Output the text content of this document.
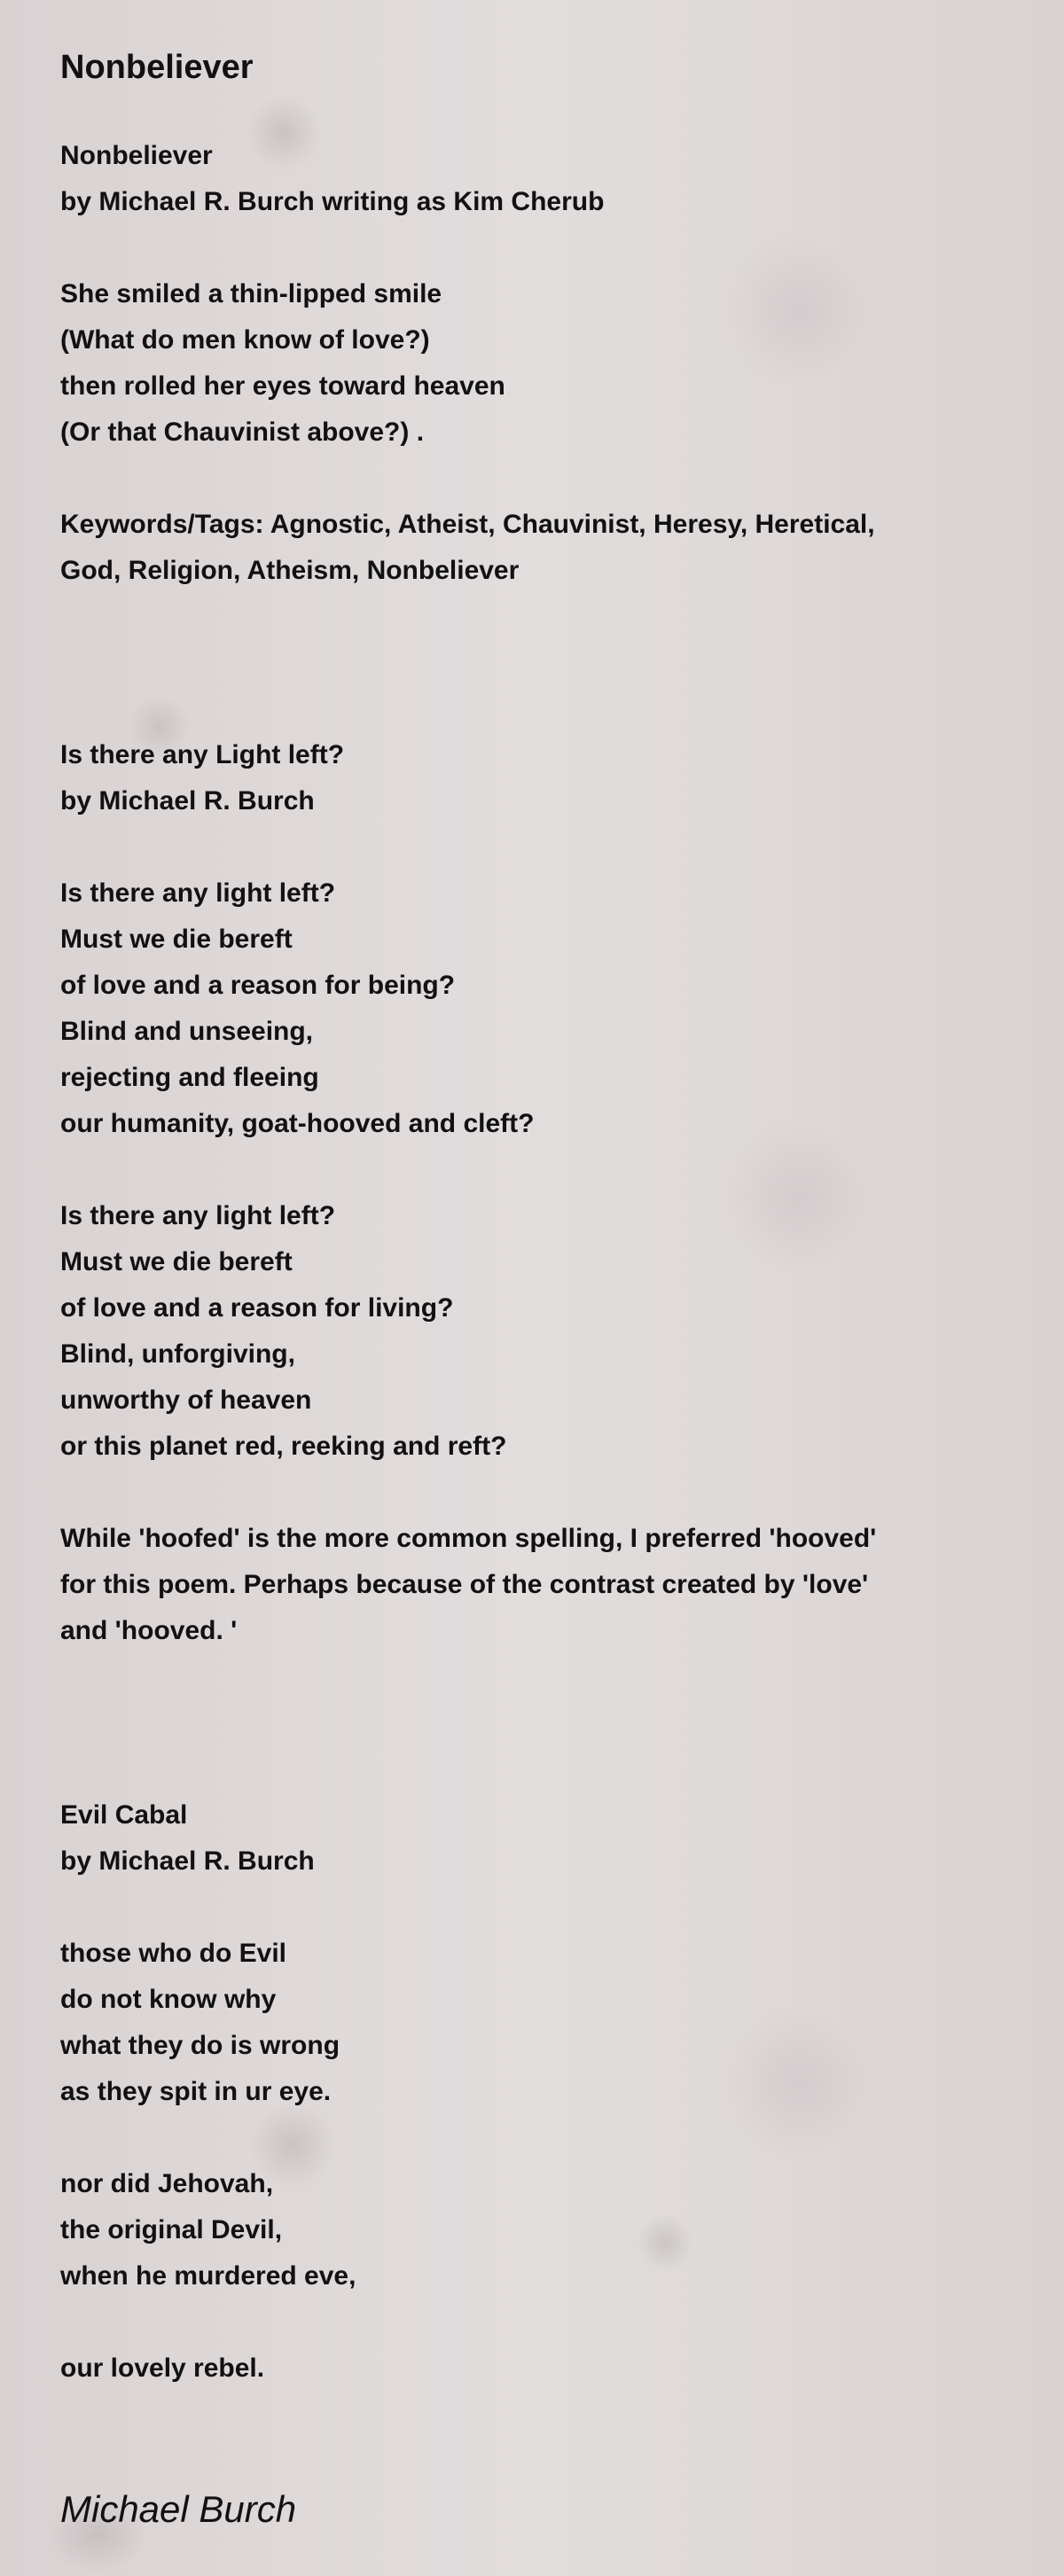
Nonbeliever
Nonbeliever
by Michael R. Burch writing as Kim Cherub
She smiled a thin-lipped smile
(What do men know of love?)
then rolled her eyes toward heaven
(Or that Chauvinist above?) .
Keywords/Tags: Agnostic, Atheist, Chauvinist, Heresy, Heretical,
God, Religion, Atheism, Nonbeliever
Is there any Light left?
by Michael R. Burch
Is there any light left?
Must we die bereft
of love and a reason for being?
Blind and unseeing,
rejecting and fleeing
our humanity, goat-hooved and cleft?
Is there any light left?
Must we die bereft
of love and a reason for living?
Blind, unforgiving,
unworthy of heaven
or this planet red, reeking and reft?
While 'hoofed' is the more common spelling, I preferred 'hooved'
for this poem. Perhaps because of the contrast created by 'love'
and 'hooved. '
Evil Cabal
by Michael R. Burch
those who do Evil
do not know why
what they do is wrong
as they spit in ur eye.
nor did Jehovah,
the original Devil,
when he murdered eve,
our lovely rebel.
Michael Burch
